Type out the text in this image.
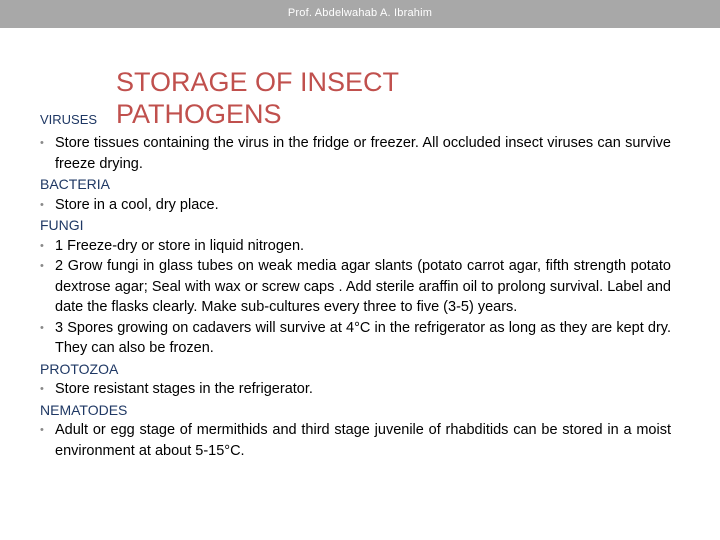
Prof. Abdelwahab A. Ibrahim
STORAGE OF INSECT
PATHOGENS
VIRUSES
• Store tissues containing the virus in the fridge or freezer. All occluded insect viruses can survive freeze drying.
BACTERIA
• Store in a cool, dry place.
FUNGI
• 1 Freeze-dry or store in liquid nitrogen.
• 2 Grow fungi in glass tubes on weak media agar slants (potato carrot agar, fifth strength potato dextrose agar; Seal with wax or screw caps . Add sterile araffin oil to prolong survival. Label and date the flasks clearly. Make sub-cultures every three to five (3-5) years.
• 3 Spores growing on cadavers will survive at 4°C in the refrigerator as long as they are kept dry. They can also be frozen.
PROTOZOA
• Store resistant stages in the refrigerator.
NEMATODES
• Adult or egg stage of mermithids and third stage juvenile of rhabditids can be stored in a moist environment at about 5-15°C.
